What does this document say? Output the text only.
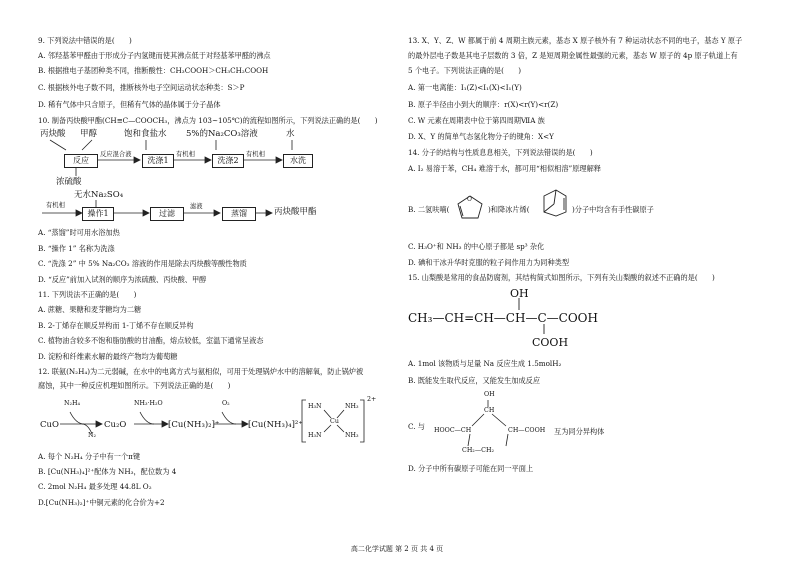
9. 下列说法中错误的是(　　)
A. 邻羟基苯甲醛由于形成分子内氢键而使其沸点低于对羟基苯甲醛的沸点
B. 根据推电子基团种类不同，推断酸性：CH₃COOH＞CH₃CH₂COOH
C. 根据核外电子数不同，推断核外电子空间运动状态种类：S＞P
D. 稀有气体中只含原子，但稀有气体的晶体属于分子晶体
10. 制备丙炔酸甲酯(CH≡C—COOCH₃，沸点为 103~105℃)的流程如图所示，下列说法正确的是(　　)
丙炔酸 甲醇	饱和食盐水 5%的Na₂CO₃溶液	水
反应	洗涤1	洗涤2	水洗
反应混合液	有机相	有机相
浓硫酸
无水Na₂SO₄
有机相
操作1	过滤	蒸馏
滤液
丙炔酸甲酯
A. “蒸馏”时可用水浴加热
B. “操作 1” 名称为洗涤
C. “洗涤 2” 中 5% Na₂CO₃ 溶液的作用是除去丙炔酸等酸性物质
D. “反应”前加入试剂的顺序为浓硫酸、丙炔酸、甲醇
11. 下列说法不正确的是(　　)
A. 蔗糖、果糖和麦芽糖均为二糖
B. 2-丁烯存在顺反异构而 1-丁烯不存在顺反异构
C. 植物油含较多不饱和脂肪酸的甘油酯，熔点较低，室温下通常呈液态
D. 淀粉和纤维素水解的最终产物均为葡萄糖
12. 联氨(N₂H₄)为二元弱碱，在水中的电离方式与氨相似，可用于处理锅炉水中的溶解氧，防止锅炉被
腐蚀，其中一种反应机理如图所示。下列说法正确的是(　　)
CuO
N₂H₄
N₂
Cu₂O
NH₃·H₂O
[Cu(NH₃)₂]⁺
O₂
[Cu(NH₃)₄]²⁺
H₃N	NH₃
Cu
H₃N	NH₃
2+
A. 每个 N₂H₄ 分子中有一个π键
B. [Cu(NH₃)₄]²⁺配体为 NH₃，配位数为 4
C. 2mol N₂H₄ 最多处理 44.8L O₂
D.[Cu(NH₃)₂]⁺中铜元素的化合价为+2
13. X、Y、Z、W 都属于前 4 周期主族元素，基态 X 原子核外有 7 种运动状态不同的电子，基态 Y 原子
的最外层电子数是其电子层数的 3 倍，Z 是短周期金属性最强的元素，基态 W 原子的 4p 原子轨道上有
5 个电子。下列说法正确的是(　　)
A. 第一电离能：I₁(Z)<I₁(X)<I₁(Y)
B. 原子半径由小到大的顺序：r(X)<r(Y)<r(Z)
C. W 元素在周期表中位于第四周期ⅦA 族
D. X、Y 的简单气态氢化物分子的键角：X<Y
14. 分子的结构与性质息息相关，下列说法错误的是(　　)
A. I₂ 易溶于苯，CH₄ 难溶于水，都可用“相似相溶”原理解释
B. 二氢呋喃(
O
)和降冰片烯(	)分子中均含有手性碳原子
C. H₃O⁺和 NH₃ 的中心原子都是 sp³ 杂化
D. 碘和干冰升华时克服的粒子间作用力为同种类型
15. 山梨酸是常用的食品防腐剂，其结构简式如图所示，下列有关山梨酸的叙述不正确的是(　　)
OH
CH₃—CH=CH—CH—C—COOH
COOH
A. 1mol 该物质与足量 Na 反应生成 1.5molH₂
B. 既能发生取代反应，又能发生加成反应
C. 与
OH
CH
HOOC—CH	CH—COOH
CH₂—CH₂
互为同分异构体
D. 分子中所有碳原子可能在同一平面上
高二化学试题 第 2 页 共 4 页
